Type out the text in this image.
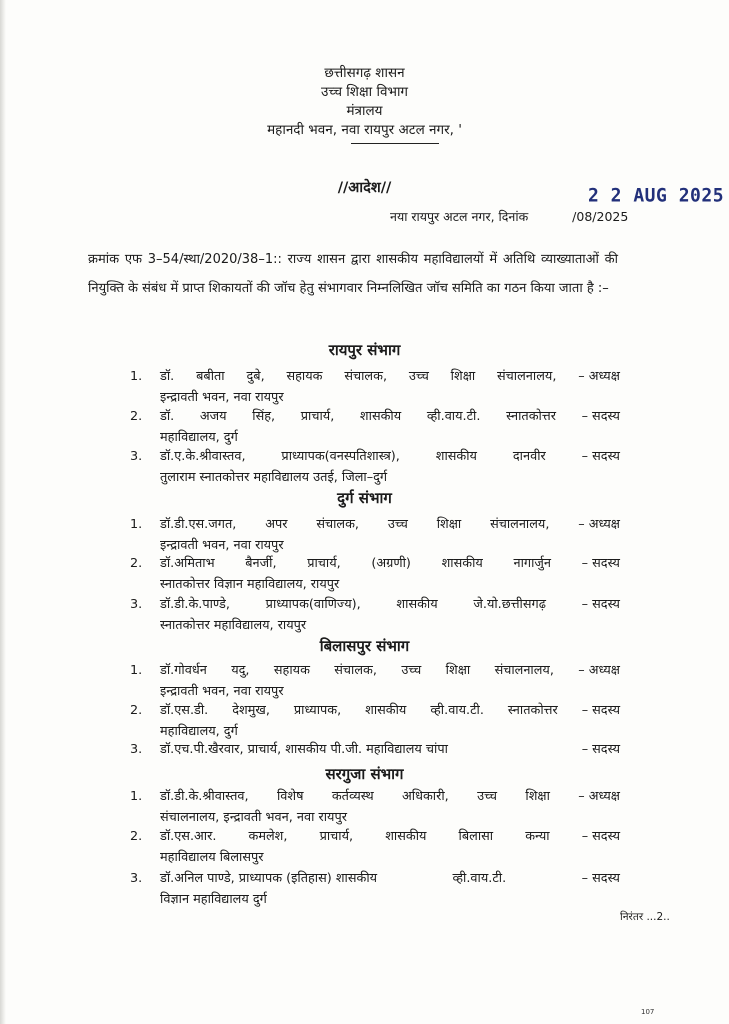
छत्तीसगढ़ शासन
उच्च शिक्षा विभाग
मंत्रालय
महानदी भवन, नवा रायपुर अटल नगर, '
//आदेश//	2 2 AUG 2025
नया रायपुर अटल नगर, दिनांक	/08/2025
क्रमांक एफ 3–54/स्था/2020/38–1:: राज्य शासन द्वारा शासकीय महाविद्यालयों में अतिथि व्याख्याताओं की नियुक्ति के संबंध में प्राप्त शिकायतों की जॉच हेतु संभागवार निम्नलिखित जॉच समिति का गठन किया जाता है :–
रायपुर संभाग
1.	डॉ. बबीता दुबे, सहायक संचालक, उच्च शिक्षा संचालनालय, – अध्यक्ष
इन्द्रावती भवन, नवा रायपुर
2.	डॉ. अजय सिंह, प्राचार्य, शासकीय व्ही.वाय.टी. स्नातकोत्तर – सदस्य
महाविद्यालय, दुर्ग
3.	डॉ.ए.के.श्रीवास्तव,	प्राध्यापक(वनस्पतिशास्त्र),	शासकीय	दानवीर	– सदस्य
तुलाराम स्नातकोत्तर महाविद्यालय उतई, जिला–दुर्ग
दुर्ग संभाग
1.	डॉ.डी.एस.जगत, अपर संचालक, उच्च शिक्षा संचालनालय, – अध्यक्ष
इन्द्रावती भवन, नवा रायपुर
2.	डॉ.अमिताभ बैनर्जी, प्राचार्य, (अग्रणी) शासकीय नागार्जुन – सदस्य
स्नातकोत्तर विज्ञान महाविद्यालय, रायपुर
3.	डॉ.डी.के.पाण्डे,	प्राध्यापक(वाणिज्य),	शासकीय	जे.यो.छत्तीसगढ़	– सदस्य
स्नातकोत्तर महाविद्यालय, रायपुर
बिलासपुर संभाग
1.	डॉ.गोवर्धन यदु, सहायक संचालक, उच्च शिक्षा संचालनालय, – अध्यक्ष
इन्द्रावती भवन, नवा रायपुर
2.	डॉ.एस.डी. देशमुख, प्राध्यापक, शासकीय व्ही.वाय.टी. स्नातकोत्तर – सदस्य
महाविद्यालय, दुर्ग
3.	डॉ.एच.पी.खैरवार, प्राचार्य, शासकीय पी.जी. महाविद्यालय चांपा	– सदस्य
सरगुजा संभाग
1.	डॉ.डी.के.श्रीवास्तव, विशेष कर्तव्यस्थ अधिकारी, उच्च शिक्षा – अध्यक्ष
संचालनालय, इन्द्रावती भवन, नवा रायपुर
2.	डॉ.एस.आर.	कमलेश,	प्राचार्य,	शासकीय	बिलासा	कन्या	– सदस्य
महाविद्यालय बिलासपुर
3.	डॉ.अनिल पाण्डे, प्राध्यापक (इतिहास) शासकीय	व्ही.वाय.टी.	– सदस्य
विज्ञान महाविद्यालय दुर्ग
निरंतर ...2..
107
